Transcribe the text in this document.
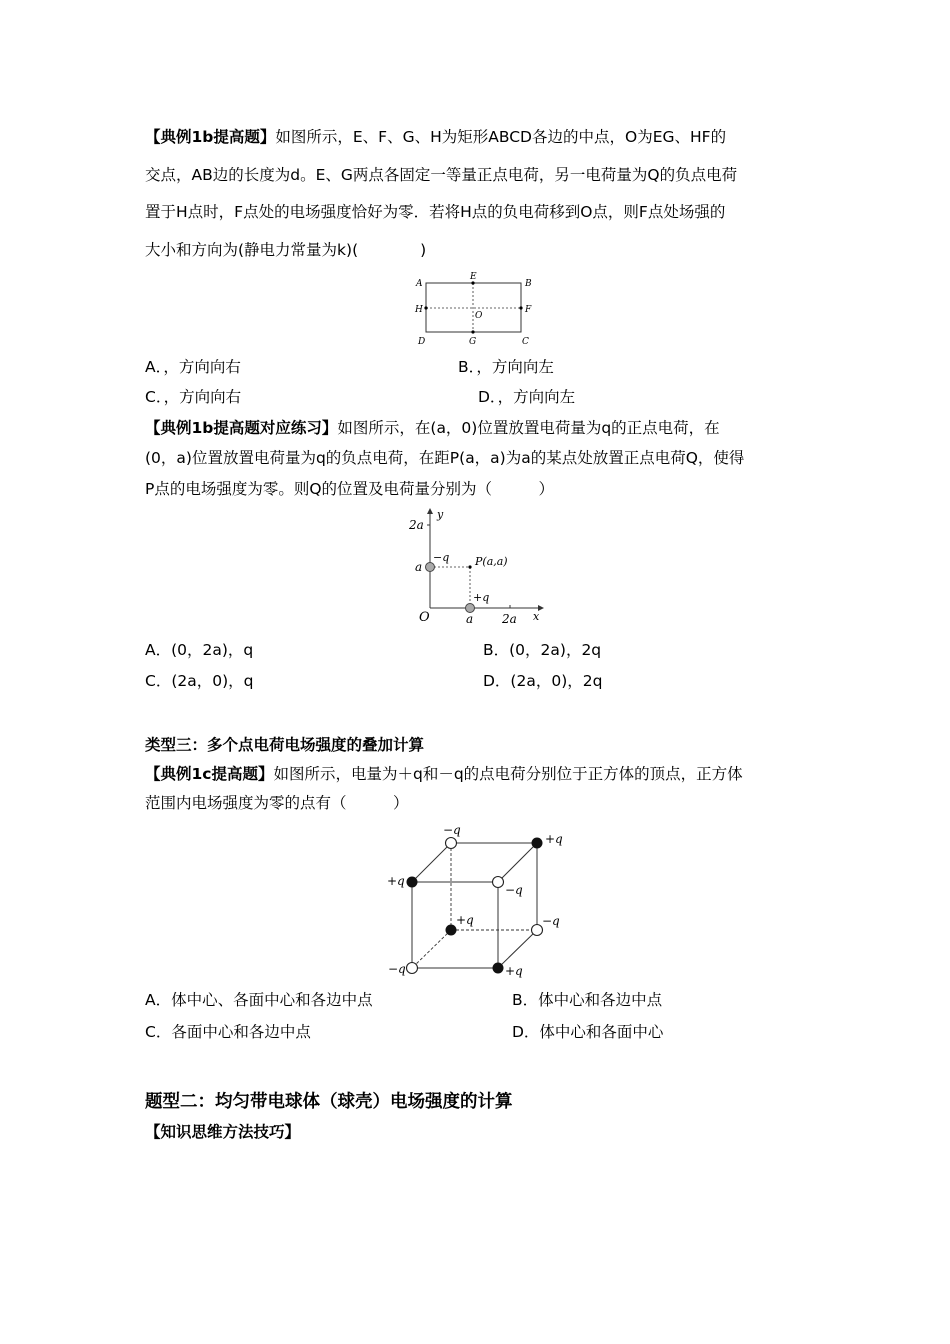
【典例1b提高题】如图所示，E、F、G、H为矩形ABCD各边的中点，O为EG、HF的
交点，AB边的长度为d。E、G两点各固定一等量正点电荷，另一电荷量为Q的负点电荷
置于H点时，F点处的电场强度恰好为零．若将H点的负电荷移到O点，则F点处场强的
大小和方向为(静电力常量为k)(　　　　)
A
E
B
H
O
F
D	G	C
A．，方向向右	B．，方向向左
C．，方向向右	D．，方向向左
【典例1b提高题对应练习】如图所示，在(a，0)位置放置电荷量为q的正点电荷，在
(0，a)位置放置电荷量为q的负点电荷，在距P(a，a)为a的某点处放置正点电荷Q，使得
P点的电场强度为零。则Q的位置及电荷量分别为（　　　）
y
x
O
2a
a
a 2a
−q
+q
P(a,a)
A．(0，2a)，q	B．(0，2a)，2q
C．(2a，0)，q	D．(2a，0)，2q
类型三：多个点电荷电场强度的叠加计算
【典例1c提高题】如图所示，电量为＋q和－q的点电荷分别位于正方体的顶点，正方体
范围内电场强度为零的点有（　　　）
−q
+q
+q
−q
+q	−q
−q	+q
A．体中心、各面中心和各边中点	B．体中心和各边中点
C．各面中心和各边中点	D．体中心和各面中心
题型二：均匀带电球体（球壳）电场强度的计算
【知识思维方法技巧】
